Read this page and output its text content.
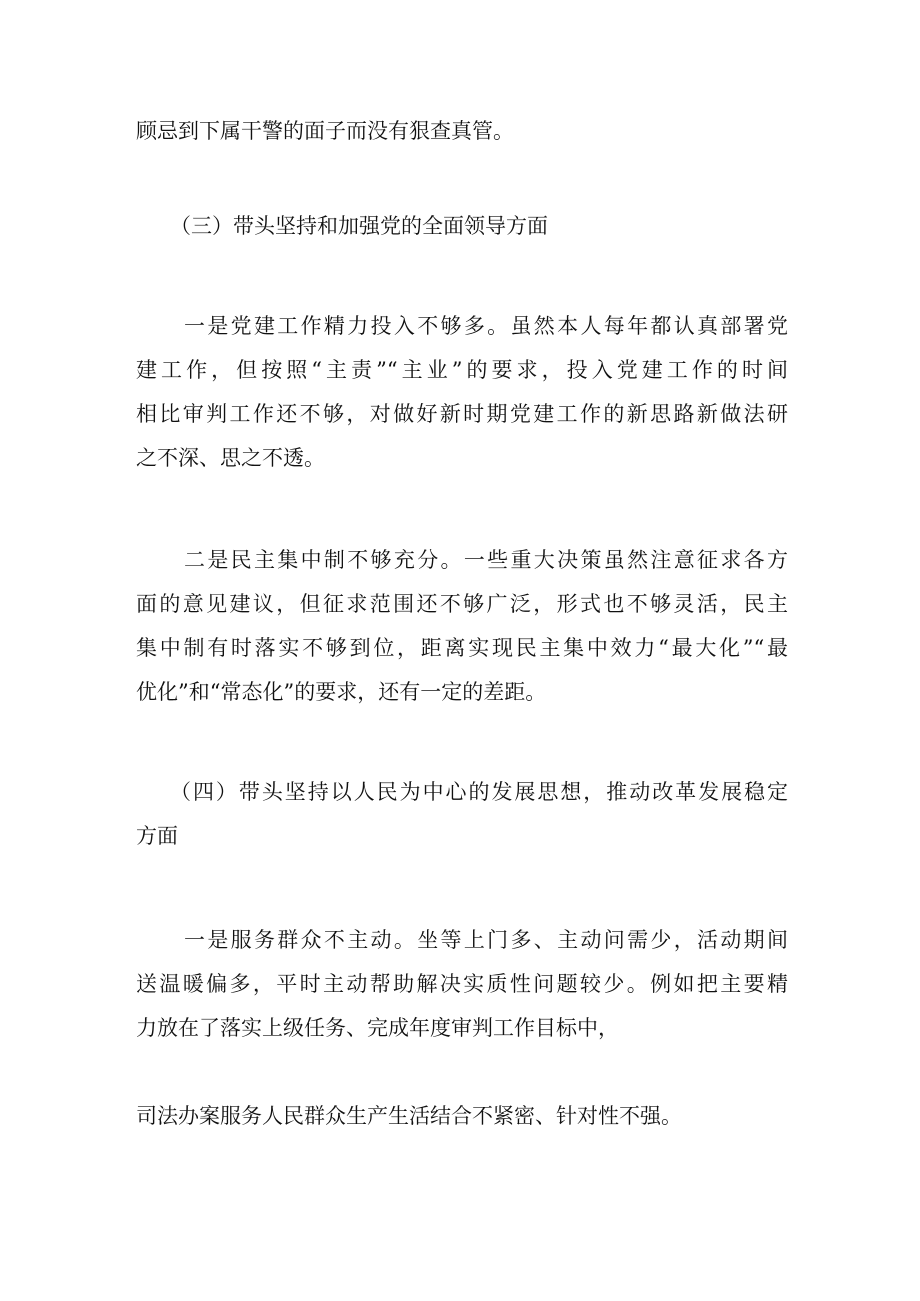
顾忌到下属干警的面子而没有狠查真管。

（三）带头坚持和加强党的全面领导方面

一是党建工作精力投入不够多。虽然本人每年都认真部署党

建工作，但按照“主责”“主业”的要求，投入党建工作的时间

相比审判工作还不够，对做好新时期党建工作的新思路新做法研

之不深、思之不透。

二是民主集中制不够充分。一些重大决策虽然注意征求各方

面的意见建议，但征求范围还不够广泛，形式也不够灵活，民主

集中制有时落实不够到位，距离实现民主集中效力“最大化”“最

优化”和“常态化”的要求，还有一定的差距。

（四）带头坚持以人民为中心的发展思想，推动改革发展稳定

方面

一是服务群众不主动。坐等上门多、主动问需少，活动期间

送温暖偏多，平时主动帮助解决实质性问题较少。例如把主要精

力放在了落实上级任务、完成年度审判工作目标中，

司法办案服务人民群众生产生活结合不紧密、针对性不强。
